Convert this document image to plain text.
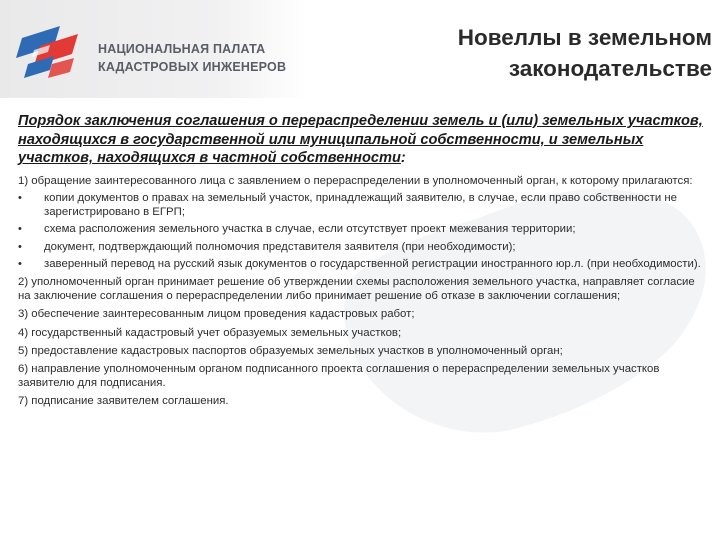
НАЦИОНАЛЬНАЯ ПАЛАТА
КАДАСТРОВЫХ ИНЖЕНЕРОВ
Новеллы в земельном
законодательстве
Порядок заключения соглашения о перераспределении земель и (или) земельных участков, находящихся в государственной или муниципальной собственности, и земельных участков, находящихся в частной собственности:
1) обращение заинтересованного лица с заявлением о перераспределении в уполномоченный орган, к которому прилагаются:
•	копии документов о правах на земельный участок, принадлежащий заявителю, в случае, если право собственности не зарегистрировано в ЕГРП;
•	схема расположения земельного участка в случае, если отсутствует проект межевания территории;
•	документ, подтверждающий полномочия представителя заявителя (при необходимости);
•	заверенный перевод на русский язык документов о государственной регистрации иностранного юр.л. (при необходимости).
2) уполномоченный орган принимает решение об утверждении схемы расположения земельного участка, направляет согласие на заключение соглашения о перераспределении либо принимает решение об отказе в заключении соглашения;
3) обеспечение заинтересованным лицом проведения кадастровых работ;
4) государственный кадастровый учет образуемых земельных участков;
5) предоставление кадастровых паспортов образуемых земельных участков в уполномоченный орган;
6) направление уполномоченным органом подписанного проекта соглашения о перераспределении земельных участков заявителю для подписания.
7) подписание заявителем соглашения.
